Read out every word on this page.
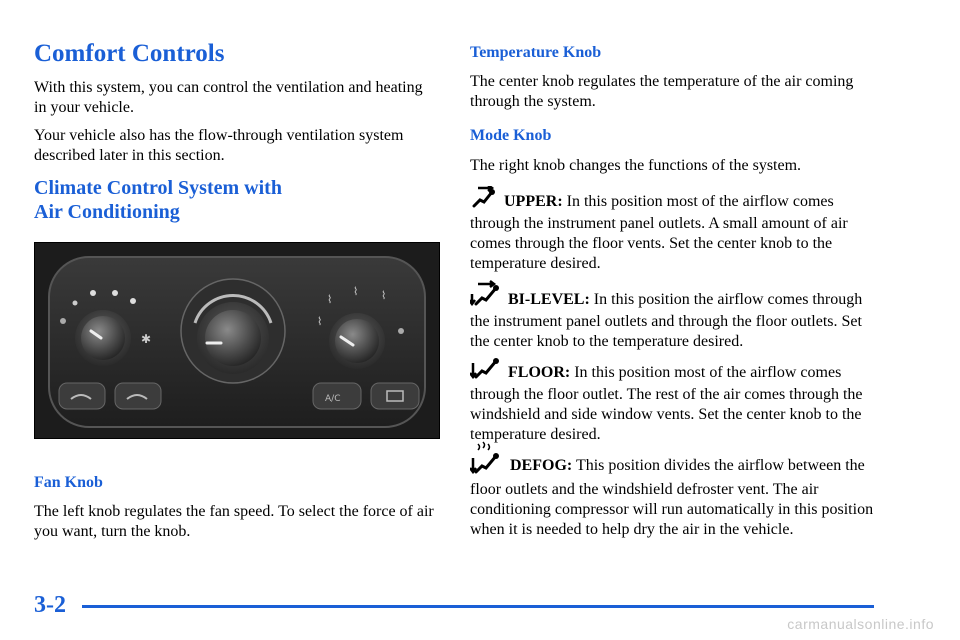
Comfort Controls

With this system, you can control the ventilation and heating in your vehicle.

Your vehicle also has the flow-through ventilation system described later in this section.

Climate Control System with
Air Conditioning
✱
⌇
⌇ ⌇
⌇
A/C
Fan Knob

The left knob regulates the fan speed. To select the force of air you want, turn the knob.

Temperature Knob

The center knob regulates the temperature of the air coming through the system.

Mode Knob

The right knob changes the functions of the system.

UPPER: In this position most of the airflow comes through the instrument panel outlets. A small amount of air comes through the floor vents. Set the center knob to the temperature desired.
BI-LEVEL: In this position the airflow comes through the instrument panel outlets and through the floor outlets. Set the center knob to the temperature desired.
FLOOR: In this position most of the airflow comes through the floor outlet. The rest of the air comes through the windshield and side window vents. Set the center knob to the temperature desired.
DEFOG: This position divides the airflow between the floor outlets and the windshield defroster vent. The air conditioning compressor will run automatically in this position when it is needed to help dry the air in the vehicle.
3-2
carmanualsonline.info
